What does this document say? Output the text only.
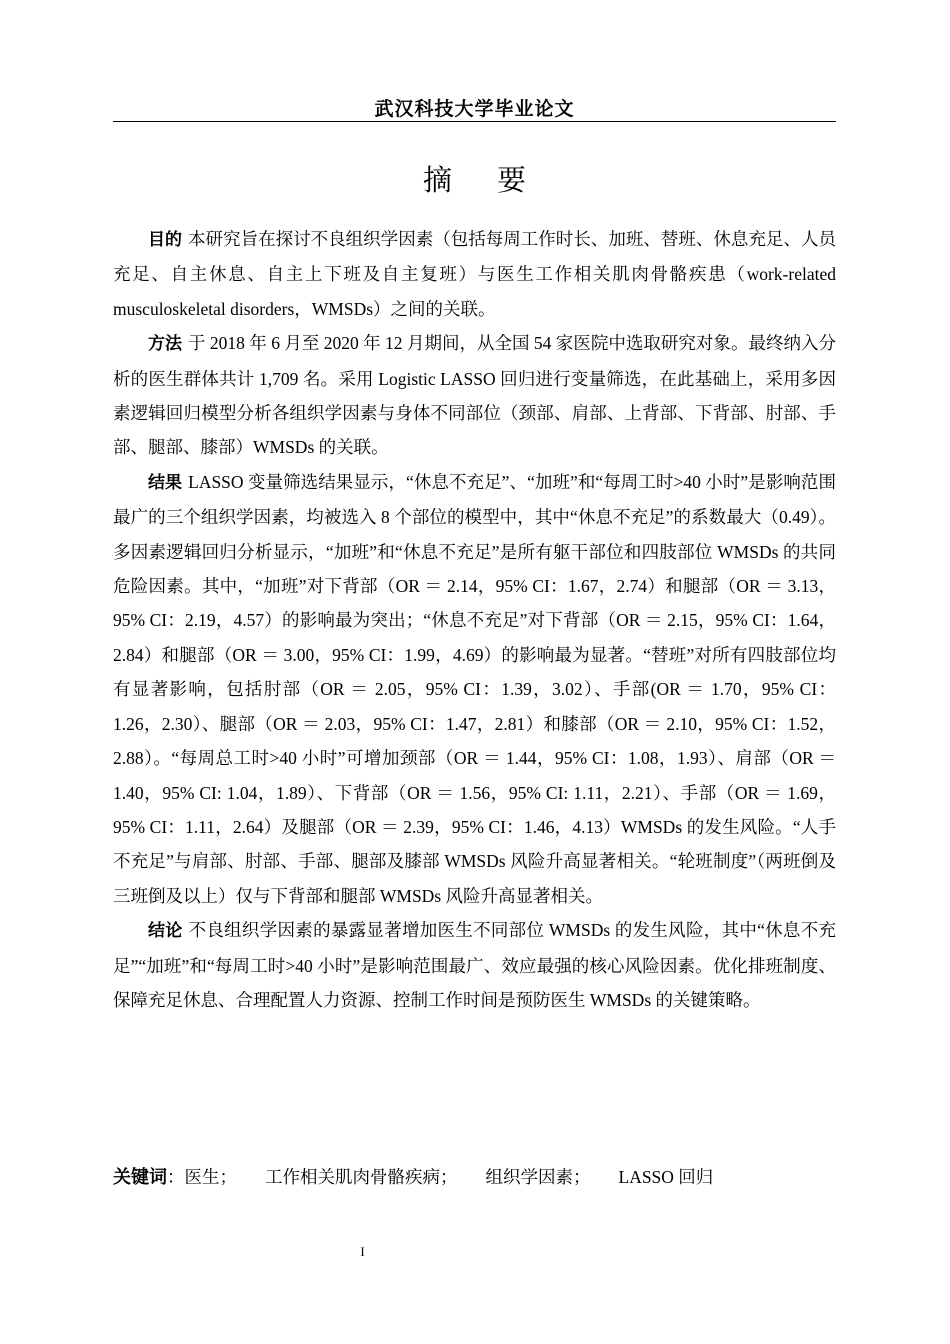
武汉科技大学毕业论文
摘 要

目的 本研究旨在探讨不良组织学因素（包括每周工作时长、加班、替班、休息充足、人员充足、自主休息、自主上下班及自主复班）与医生工作相关肌肉骨骼疾患（work-related musculoskeletal disorders，WMSDs）之间的关联。

方法 于 2018 年 6 月至 2020 年 12 月期间，从全国 54 家医院中选取研究对象。最终纳入分析的医生群体共计 1,709 名。采用 Logistic LASSO 回归进行变量筛选，在此基础上，采用多因素逻辑回归模型分析各组织学因素与身体不同部位（颈部、肩部、上背部、下背部、肘部、手部、腿部、膝部）WMSDs 的关联。

结果 LASSO 变量筛选结果显示，“休息不充足”、“加班”和“每周工时>40 小时”是影响范围最广的三个组织学因素，均被选入 8 个部位的模型中，其中“休息不充足”的系数最大（0.49）。多因素逻辑回归分析显示，“加班”和“休息不充足”是所有躯干部位和四肢部位 WMSDs 的共同危险因素。其中，“加班”对下背部（OR ＝ 2.14，95% CI：1.67，2.74）和腿部（OR ＝ 3.13，95% CI：2.19，4.57）的影响最为突出；“休息不充足”对下背部（OR ＝ 2.15，95% CI：1.64，2.84）和腿部（OR ＝ 3.00，95% CI：1.99，4.69）的影响最为显著。“替班”对所有四肢部位均有显著影响，包括肘部（OR ＝ 2.05，95% CI：1.39，3.02）、手部(OR ＝ 1.70，95% CI：1.26，2.30）、腿部（OR ＝ 2.03，95% CI：1.47，2.81）和膝部（OR ＝ 2.10，95% CI：1.52，2.88）。“每周总工时>40 小时”可增加颈部（OR ＝ 1.44，95% CI：1.08，1.93）、肩部（OR ＝ 1.40，95% CI: 1.04，1.89）、下背部（OR ＝ 1.56，95% CI: 1.11，2.21）、手部（OR ＝ 1.69，95% CI：1.11，2.64）及腿部（OR ＝ 2.39，95% CI：1.46，4.13）WMSDs 的发生风险。“人手不充足”与肩部、肘部、手部、腿部及膝部 WMSDs 风险升高显著相关。“轮班制度”（两班倒及三班倒及以上）仅与下背部和腿部 WMSDs 风险升高显著相关。

结论 不良组织学因素的暴露显著增加医生不同部位 WMSDs 的发生风险，其中“休息不充足”“加班”和“每周工时>40 小时”是影响范围最广、效应最强的核心风险因素。优化排班制度、保障充足休息、合理配置人力资源、控制工作时间是预防医生 WMSDs 的关键策略。

关键词：医生； 工作相关肌肉骨骼疾病； 组织学因素； LASSO 回归
I
